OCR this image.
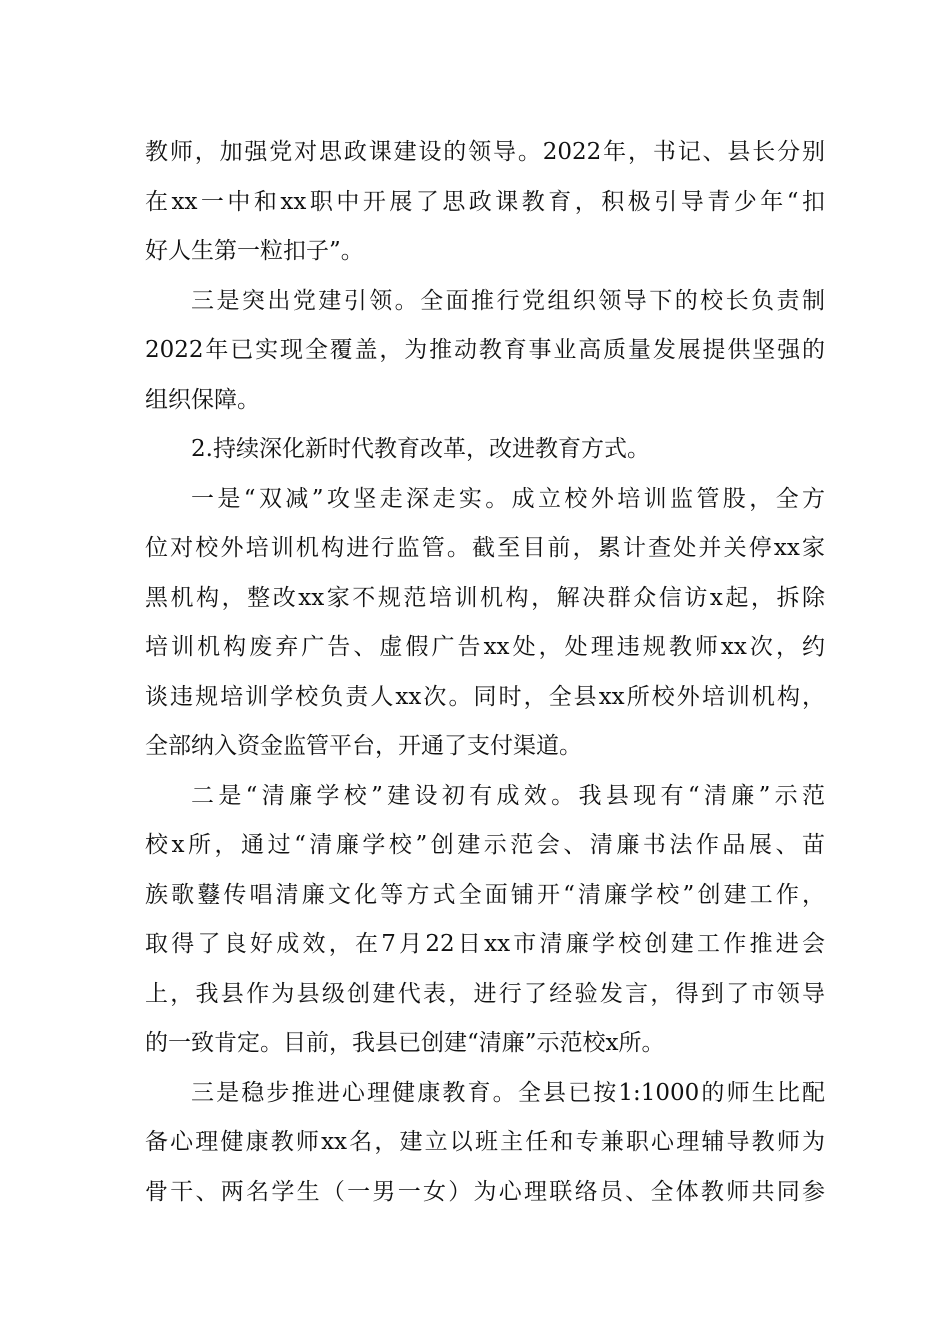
教师，加强党对思政课建设的领导。2022年，书记、县长分别
在xx一中和xx职中开展了思政课教育，积极引导青少年“扣
好人生第一粒扣子”。
三是突出党建引领。全面推行党组织领导下的校长负责制
2022年已实现全覆盖，为推动教育事业高质量发展提供坚强的
组织保障。
2.持续深化新时代教育改革，改进教育方式。
一是“双减”攻坚走深走实。成立校外培训监管股，全方
位对校外培训机构进行监管。截至目前，累计查处并关停xx家
黑机构，整改xx家不规范培训机构，解决群众信访x起，拆除
培训机构废弃广告、虚假广告xx处，处理违规教师xx次，约
谈违规培训学校负责人xx次。同时，全县xx所校外培训机构，
全部纳入资金监管平台，开通了支付渠道。
二是“清廉学校”建设初有成效。我县现有“清廉”示范
校x所，通过“清廉学校”创建示范会、清廉书法作品展、苗
族歌鼟传唱清廉文化等方式全面铺开“清廉学校”创建工作，
取得了良好成效，在7月22日xx市清廉学校创建工作推进会
上，我县作为县级创建代表，进行了经验发言，得到了市领导
的一致肯定。目前，我县已创建“清廉”示范校x所。
三是稳步推进心理健康教育。全县已按1:1000的师生比配
备心理健康教师xx名，建立以班主任和专兼职心理辅导教师为
骨干、两名学生（一男一女）为心理联络员、全体教师共同参
